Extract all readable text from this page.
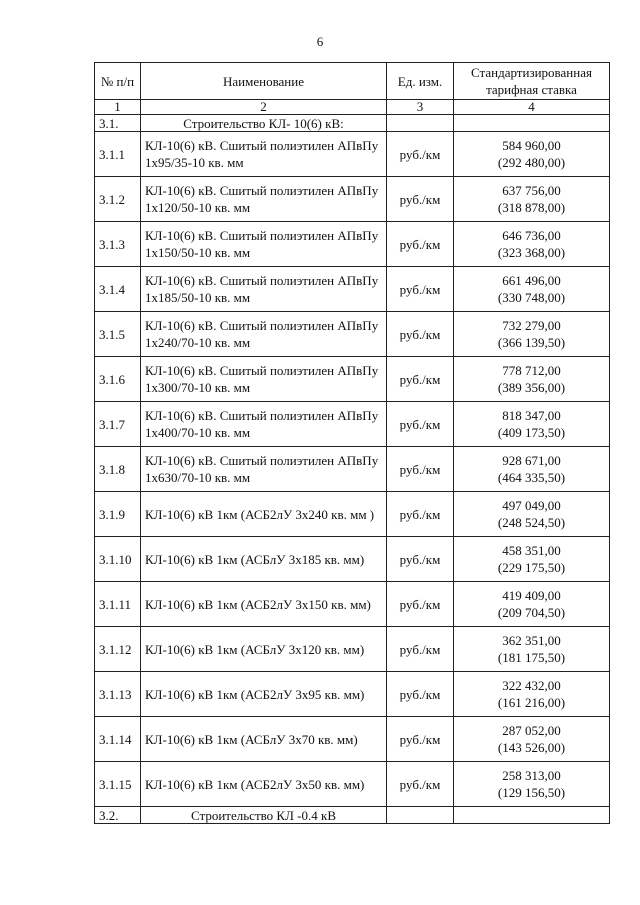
6
№ п/п	Наименование	Ед. изм.	Стандартизированная тарифная ставка
1	2	3	4
3.1.	Строительство КЛ- 10(6) кВ:		
3.1.1	КЛ-10(6) кВ. Сшитый полиэтилен АПвПу 1х95/35-10 кв. мм	руб./км	584 960,00
(292 480,00)

3.1.2	КЛ-10(6) кВ. Сшитый полиэтилен АПвПу 1х120/50-10 кв. мм	руб./км	637 756,00
(318 878,00)

3.1.3	КЛ-10(6) кВ. Сшитый полиэтилен АПвПу 1х150/50-10 кв. мм	руб./км	646 736,00
(323 368,00)

3.1.4	КЛ-10(6) кВ. Сшитый полиэтилен АПвПу 1х185/50-10 кв. мм	руб./км	661 496,00
(330 748,00)

3.1.5	КЛ-10(6) кВ. Сшитый полиэтилен АПвПу 1х240/70-10 кв. мм	руб./км	732 279,00
(366 139,50)

3.1.6	КЛ-10(6) кВ. Сшитый полиэтилен АПвПу 1х300/70-10 кв. мм	руб./км	778 712,00
(389 356,00)

3.1.7	КЛ-10(6) кВ. Сшитый полиэтилен АПвПу 1х400/70-10 кв. мм	руб./км	818 347,00
(409 173,50)

3.1.8	КЛ-10(6) кВ. Сшитый полиэтилен АПвПу 1х630/70-10 кв. мм	руб./км	928 671,00
(464 335,50)

3.1.9	КЛ-10(6) кВ 1км (АСБ2лУ 3х240 кв. мм )	руб./км	497 049,00
(248 524,50)

3.1.10	КЛ-10(6) кВ 1км (АСБлУ 3х185 кв. мм)	руб./км	458 351,00
(229 175,50)

3.1.11	КЛ-10(6) кВ 1км (АСБ2лУ 3х150 кв. мм)	руб./км	419 409,00
(209 704,50)

3.1.12	КЛ-10(6) кВ 1км (АСБлУ 3х120 кв. мм)	руб./км	362 351,00
(181 175,50)

3.1.13	КЛ-10(6) кВ 1км (АСБ2лУ 3х95 кв. мм)	руб./км	322 432,00
(161 216,00)

3.1.14	КЛ-10(6) кВ 1км (АСБлУ 3х70 кв. мм)	руб./км	287 052,00
(143 526,00)

3.1.15	КЛ-10(6) кВ 1км (АСБ2лУ 3х50 кв. мм)	руб./км	258 313,00
(129 156,50)

3.2.	Строительство КЛ -0.4 кВ		
